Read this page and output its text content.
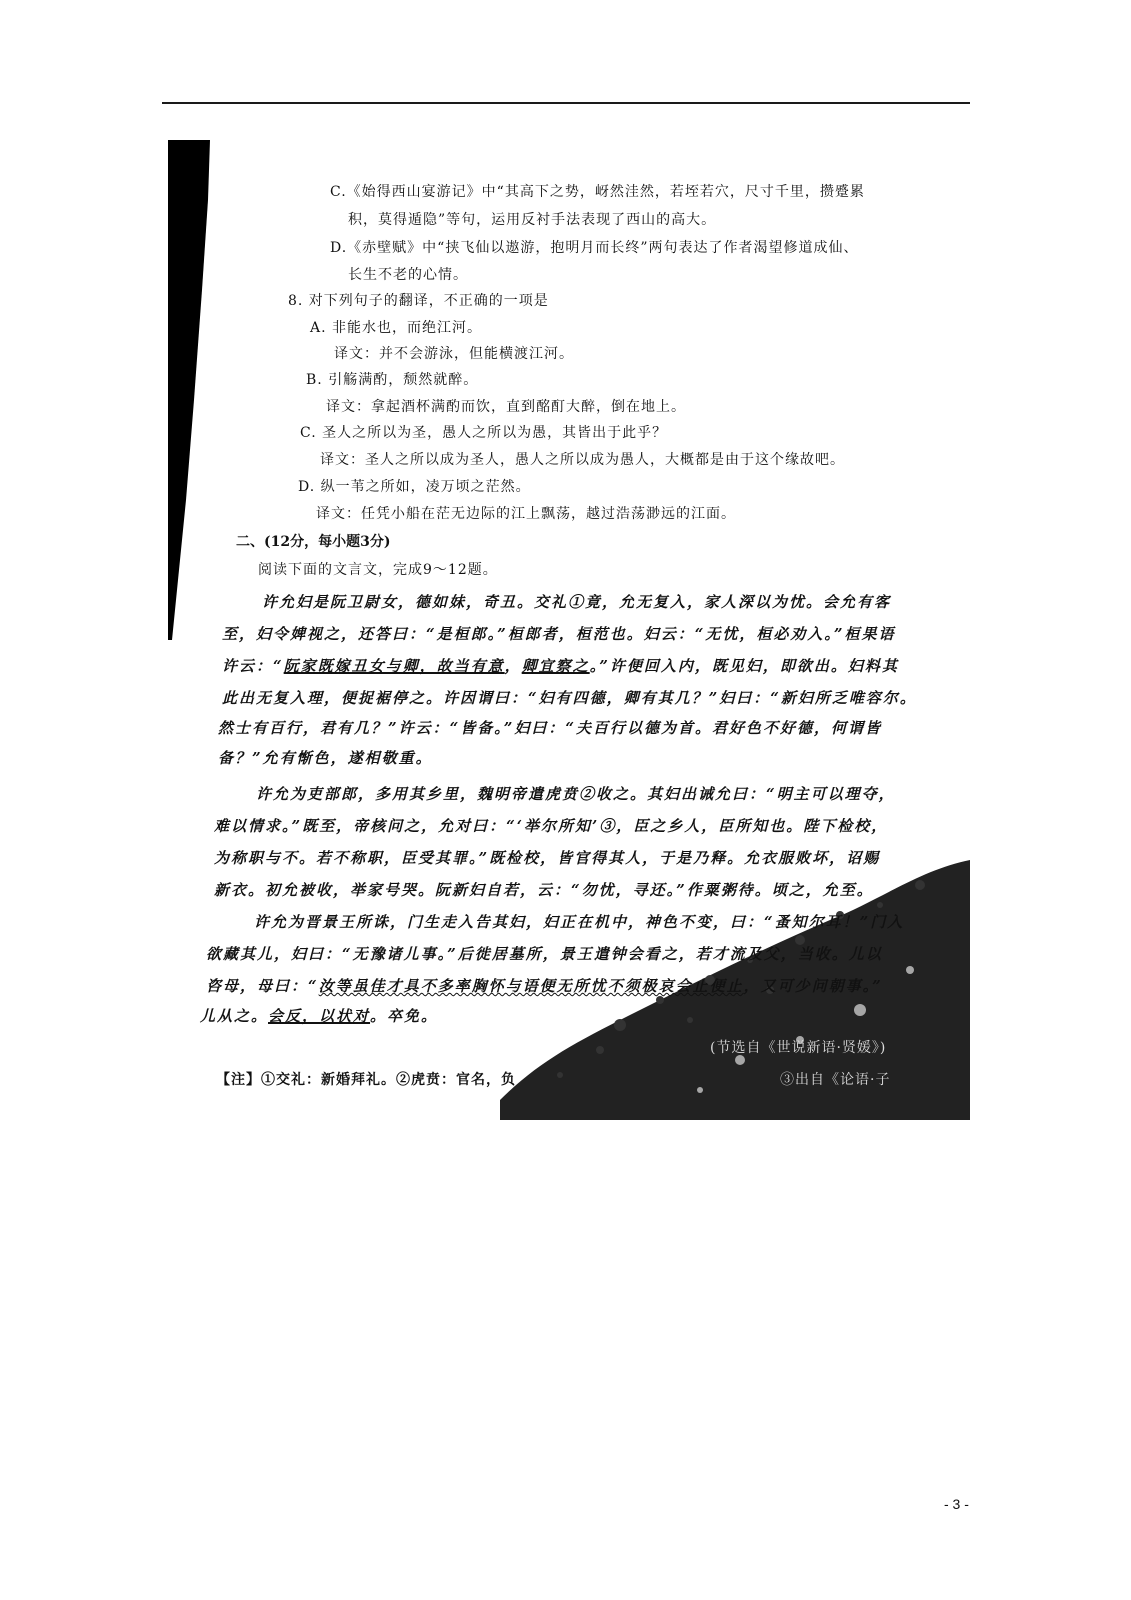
C.《始得西山宴游记》中“其高下之势，岈然洼然，若垤若穴，尺寸千里，攒蹙累
积，莫得遁隐”等句，运用反衬手法表现了西山的高大。
D.《赤壁赋》中“挟飞仙以遨游，抱明月而长终”两句表达了作者渴望修道成仙、
长生不老的心情。
8. 对下列句子的翻译，不正确的一项是
A. 非能水也，而绝江河。
译文：并不会游泳，但能横渡江河。
B. 引觞满酌，颓然就醉。
译文：拿起酒杯满酌而饮，直到酩酊大醉，倒在地上。
C. 圣人之所以为圣，愚人之所以为愚，其皆出于此乎？
译文：圣人之所以成为圣人，愚人之所以成为愚人，大概都是由于这个缘故吧。
D. 纵一苇之所如，凌万顷之茫然。
译文：任凭小船在茫无边际的江上飘荡，越过浩荡渺远的江面。
二、(12分，每小题3分)
阅读下面的文言文，完成9～12题。
许允妇是阮卫尉女，德如妹，奇丑。交礼①竟，允无复入，家人深以为忧。会允有客
至，妇令婢视之，还答曰：“是桓郎。”桓郎者，桓范也。妇云：“无忧，桓必劝入。”桓果语
许云：“阮家既嫁丑女与卿，故当有意，卿宜察之。”许便回入内，既见妇，即欲出。妇料其
此出无复入理，便捉裾停之。许因谓曰：“妇有四德，卿有其几？”妇曰：“新妇所乏唯容尔。
然士有百行，君有几？”许云：“皆备。”妇曰：“夫百行以德为首。君好色不好德，何谓皆
备？”允有惭色，遂相敬重。
许允为吏部郎，多用其乡里，魏明帝遣虎贲②收之。其妇出诫允曰：“明主可以理夺，
难以情求。”既至，帝核问之，允对曰：“‘举尔所知’③，臣之乡人，臣所知也。陛下检校，
为称职与不。若不称职，臣受其罪。”既检校，皆官得其人，于是乃释。允衣服败坏，诏赐
新衣。初允被收，举家号哭。阮新妇自若，云：“勿忧，寻还。”作粟粥待。顷之，允至。
许允为晋景王所诛，门生走入告其妇，妇正在机中，神色不变，曰：“蚤知尔耳！”门入
欲藏其儿，妇曰：“无豫诸儿事。”后徙居墓所，景王遣钟会看之，若才流及父，当收。儿以
咨母，母曰：“汝等虽佳才具不多率胸怀与语便无所忧不须极哀会止便止，又可少问朝事。”
儿从之。会反，以状对。卒免。
(节选自《世说新语·贤媛》)
【注】①交礼：新婚拜礼。②虎贲：官名，负	③出自《论语·子
- 3 -
